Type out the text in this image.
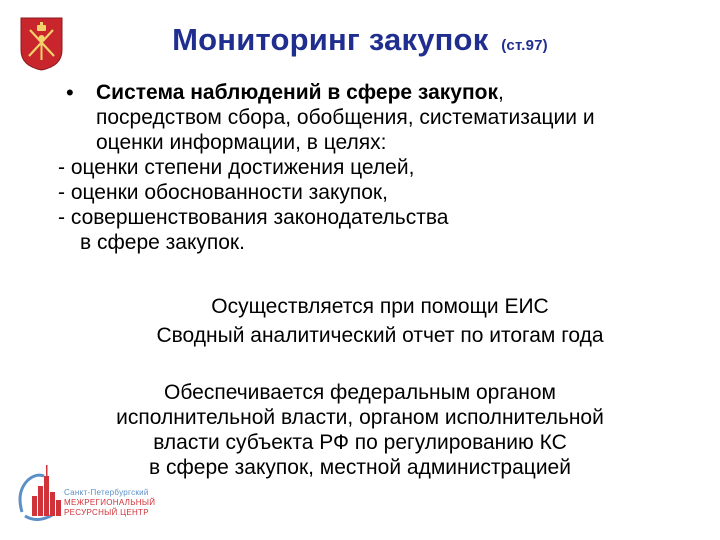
Мониторинг закупок (ст.97)
•	Система наблюдений в сфере закупок,
посредством сбора, обобщения, систематизации и
оценки информации, в целях:
- оценки степени достижения целей,
- оценки обоснованности закупок,
- совершенствования законодательства
в сфере закупок.
Осуществляется при помощи ЕИС
Сводный аналитический отчет по итогам года
Обеспечивается федеральным органом
исполнительной власти, органом исполнительной
власти субъекта РФ по регулированию КС
в сфере закупок, местной администрацией
Санкт-Петербургский
МЕЖРЕГИОНАЛЬНЫЙ
РЕСУРСНЫЙ ЦЕНТР
